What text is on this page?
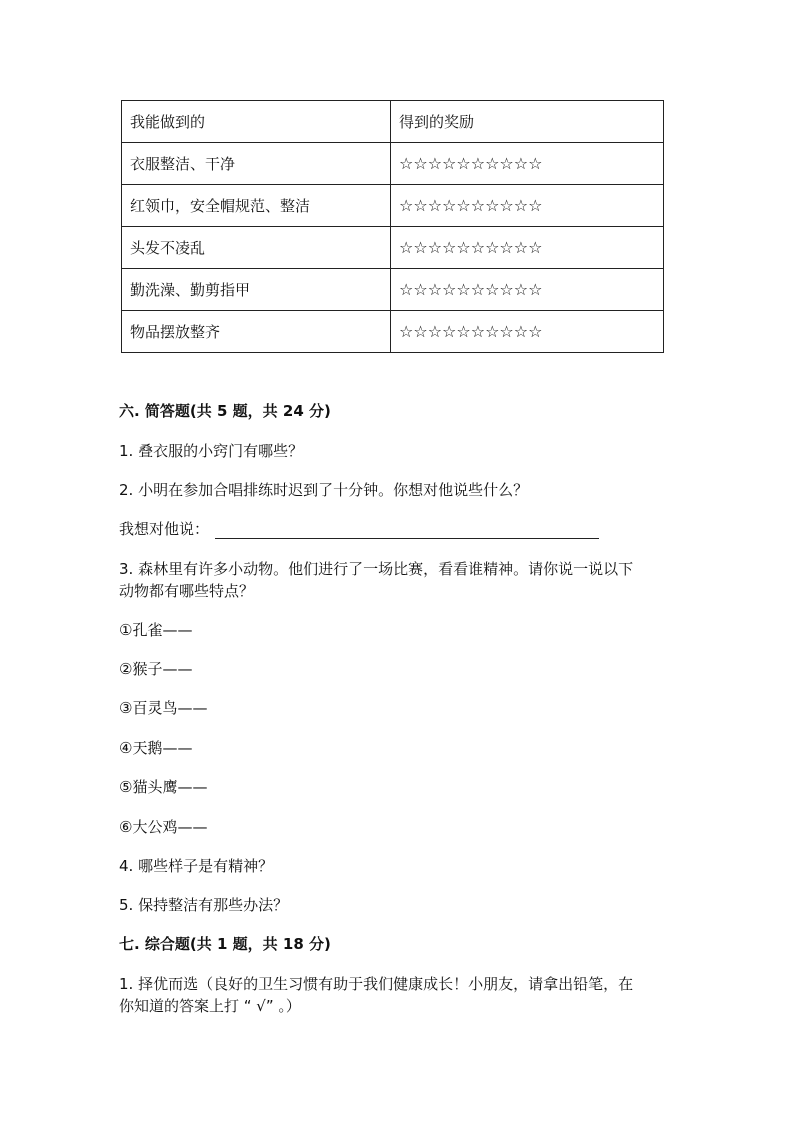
我能做到的	得到的奖励
衣服整洁、干净	☆☆☆☆☆☆☆☆☆☆
红领巾，安全帽规范、整洁	☆☆☆☆☆☆☆☆☆☆
头发不凌乱	☆☆☆☆☆☆☆☆☆☆
勤洗澡、勤剪指甲	☆☆☆☆☆☆☆☆☆☆
物品摆放整齐	☆☆☆☆☆☆☆☆☆☆
六. 简答题(共 5 题，共 24 分)
1. 叠衣服的小窍门有哪些？
2. 小明在参加合唱排练时迟到了十分钟。你想对他说些什么？
我想对他说：
3. 森林里有许多小动物。他们进行了一场比赛，看看谁精神。请你说一说以下
动物都有哪些特点？
①孔雀——
②猴子——
③百灵鸟——
④天鹅——
⑤猫头鹰——
⑥大公鸡——
4. 哪些样子是有精神？
5. 保持整洁有那些办法？
七. 综合题(共 1 题，共 18 分)
1. 择优而选（良好的卫生习惯有助于我们健康成长！小朋友，请拿出铅笔，在
你知道的答案上打 “ √” 。）
